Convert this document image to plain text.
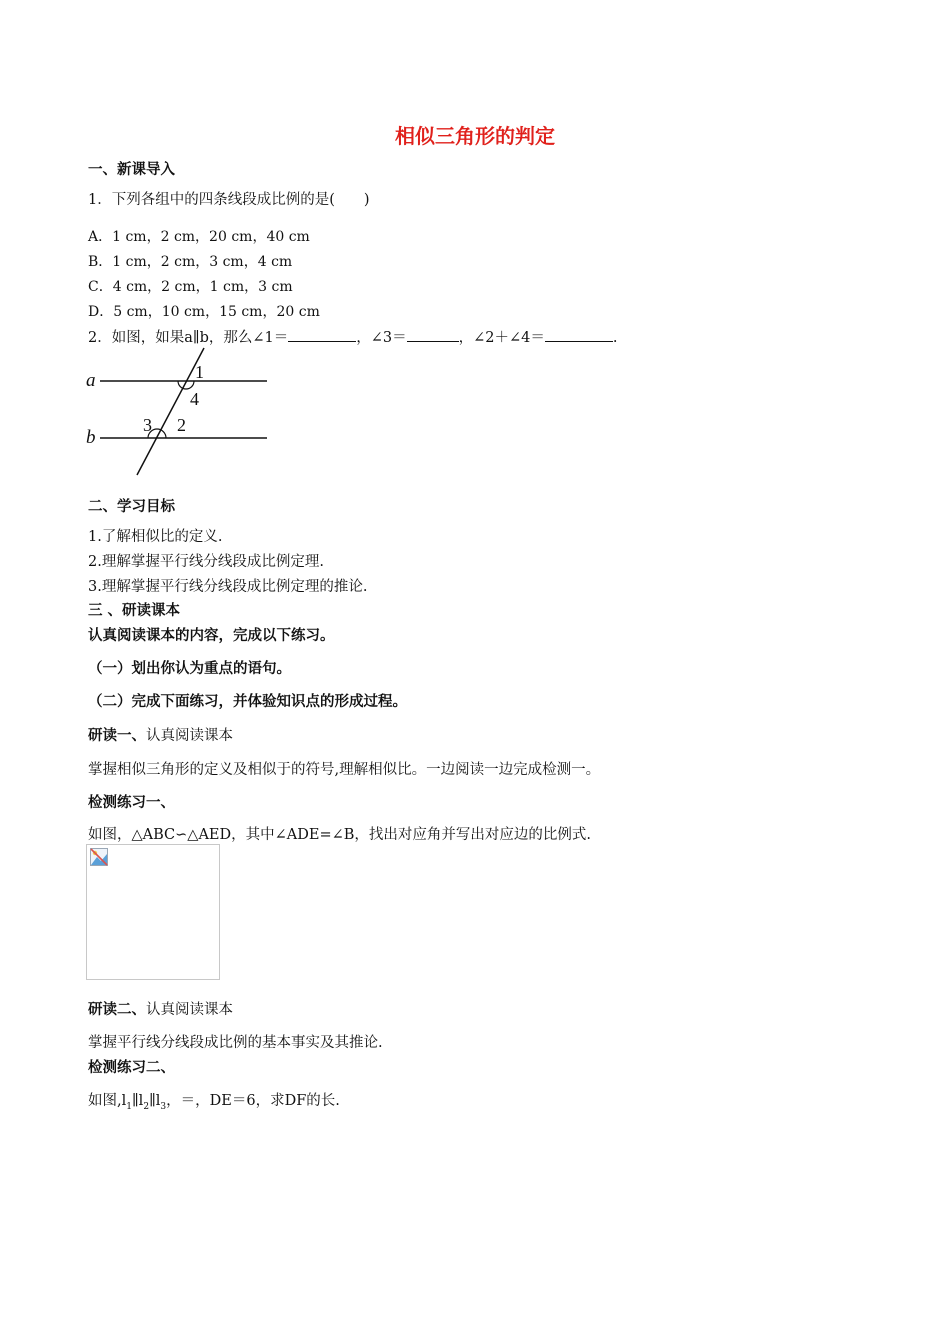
相似三角形的判定
一、新课导入
1．下列各组中的四条线段成比例的是(　　)
A．1 cm，2 cm，20 cm，40 cm
B．1 cm，2 cm，3 cm，4 cm
C．4 cm，2 cm，1 cm，3 cm
D．5 cm，10 cm，15 cm，20 cm
2．如图，如果a∥b，那么∠1＝	，∠3＝	，∠2＋∠4＝	.
a
b
1
4
3 2
二、学习目标
1.了解相似比的定义.
2.理解掌握平行线分线段成比例定理.
3.理解掌握平行线分线段成比例定理的推论.
三 、研读课本
认真阅读课本的内容，完成以下练习。
（一）划出你认为重点的语句。
（二）完成下面练习，并体验知识点的形成过程。
研读一、认真阅读课本
掌握相似三角形的定义及相似于的符号,理解相似比。一边阅读一边完成检测一。
检测练习一、
如图，△ABC∽△AED，其中∠ADE=∠B，找出对应角并写出对应边的比例式.
研读二、认真阅读课本
掌握平行线分线段成比例的基本事实及其推论.
检测练习二、
如图$,l_1\parallel l_2\parallel l_3$，＝，DE＝6，求DF的长.
